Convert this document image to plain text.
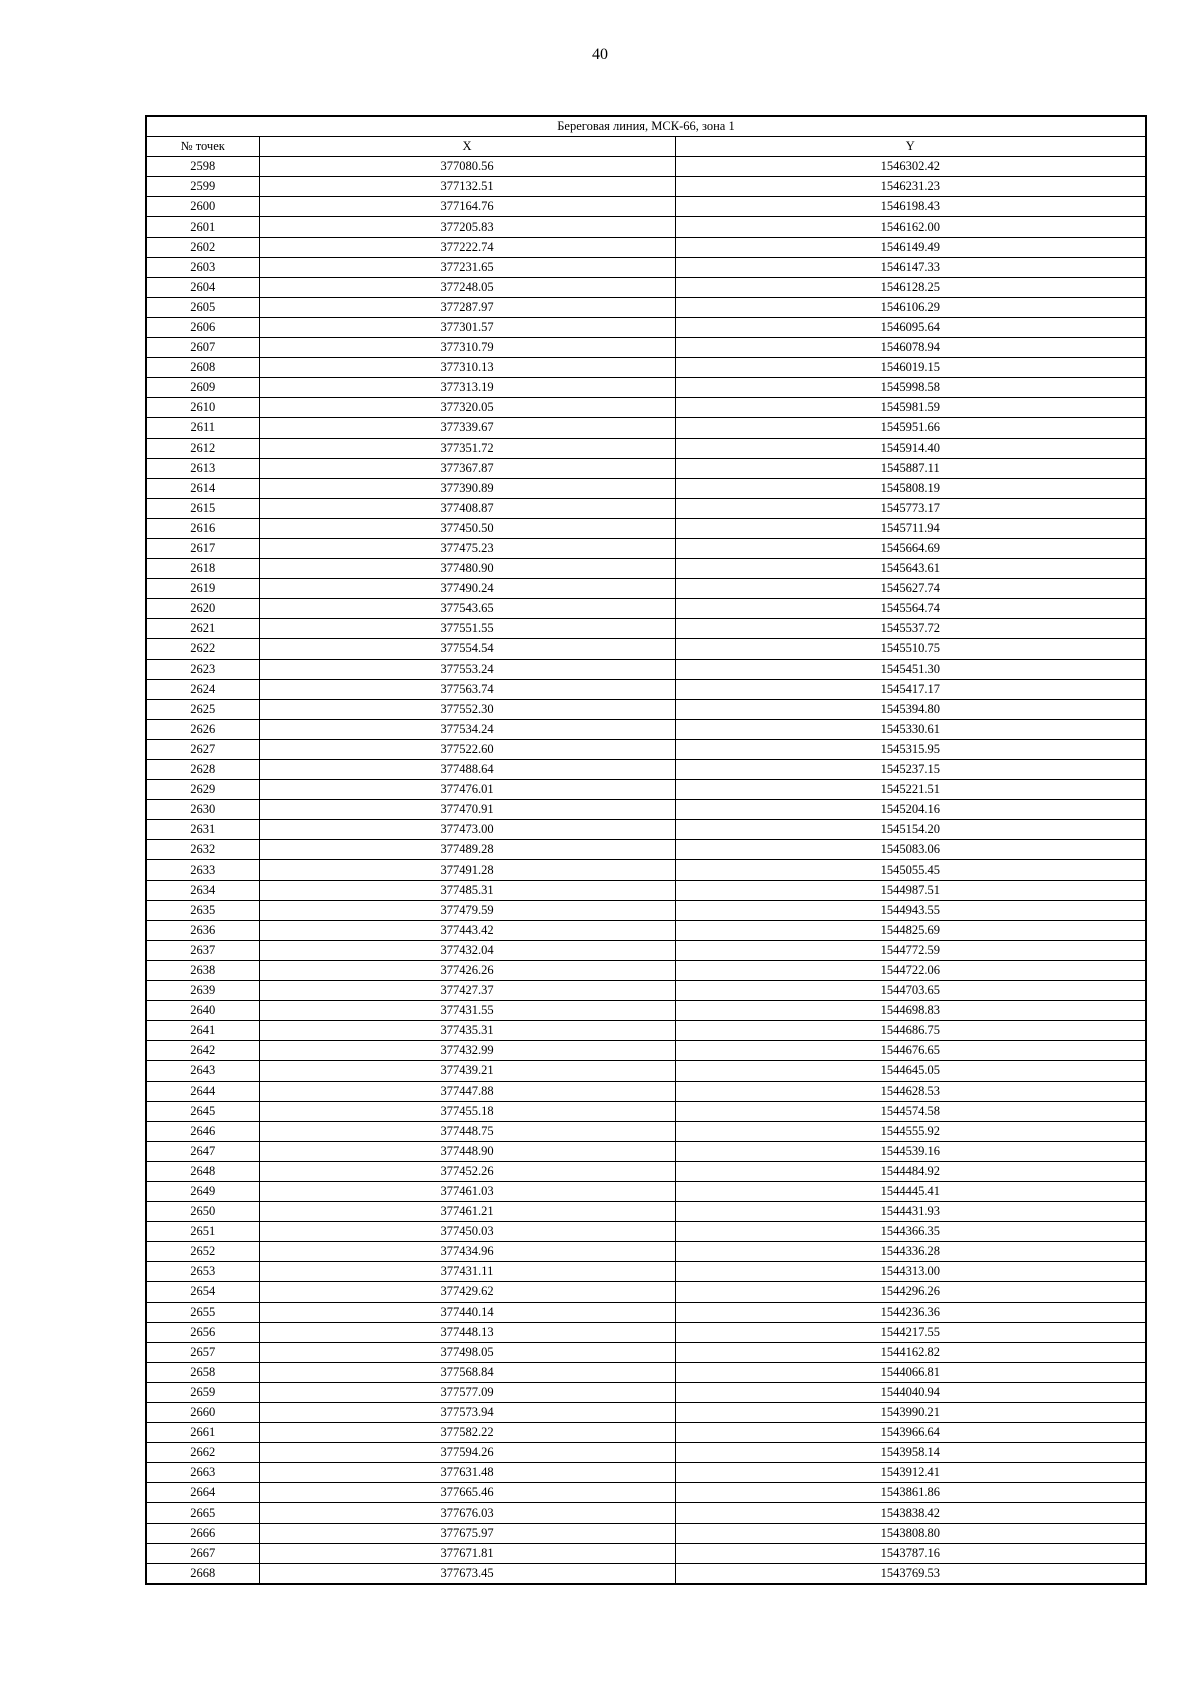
40
Береговая линия, МСК-66, зона 1		
№ точек	X	Y
2598	377080.56	1546302.42
2599	377132.51	1546231.23
2600	377164.76	1546198.43
2601	377205.83	1546162.00
2602	377222.74	1546149.49
2603	377231.65	1546147.33
2604	377248.05	1546128.25
2605	377287.97	1546106.29
2606	377301.57	1546095.64
2607	377310.79	1546078.94
2608	377310.13	1546019.15
2609	377313.19	1545998.58
2610	377320.05	1545981.59
2611	377339.67	1545951.66
2612	377351.72	1545914.40
2613	377367.87	1545887.11
2614	377390.89	1545808.19
2615	377408.87	1545773.17
2616	377450.50	1545711.94
2617	377475.23	1545664.69
2618	377480.90	1545643.61
2619	377490.24	1545627.74
2620	377543.65	1545564.74
2621	377551.55	1545537.72
2622	377554.54	1545510.75
2623	377553.24	1545451.30
2624	377563.74	1545417.17
2625	377552.30	1545394.80
2626	377534.24	1545330.61
2627	377522.60	1545315.95
2628	377488.64	1545237.15
2629	377476.01	1545221.51
2630	377470.91	1545204.16
2631	377473.00	1545154.20
2632	377489.28	1545083.06
2633	377491.28	1545055.45
2634	377485.31	1544987.51
2635	377479.59	1544943.55
2636	377443.42	1544825.69
2637	377432.04	1544772.59
2638	377426.26	1544722.06
2639	377427.37	1544703.65
2640	377431.55	1544698.83
2641	377435.31	1544686.75
2642	377432.99	1544676.65
2643	377439.21	1544645.05
2644	377447.88	1544628.53
2645	377455.18	1544574.58
2646	377448.75	1544555.92
2647	377448.90	1544539.16
2648	377452.26	1544484.92
2649	377461.03	1544445.41
2650	377461.21	1544431.93
2651	377450.03	1544366.35
2652	377434.96	1544336.28
2653	377431.11	1544313.00
2654	377429.62	1544296.26
2655	377440.14	1544236.36
2656	377448.13	1544217.55
2657	377498.05	1544162.82
2658	377568.84	1544066.81
2659	377577.09	1544040.94
2660	377573.94	1543990.21
2661	377582.22	1543966.64
2662	377594.26	1543958.14
2663	377631.48	1543912.41
2664	377665.46	1543861.86
2665	377676.03	1543838.42
2666	377675.97	1543808.80
2667	377671.81	1543787.16
2668	377673.45	1543769.53
